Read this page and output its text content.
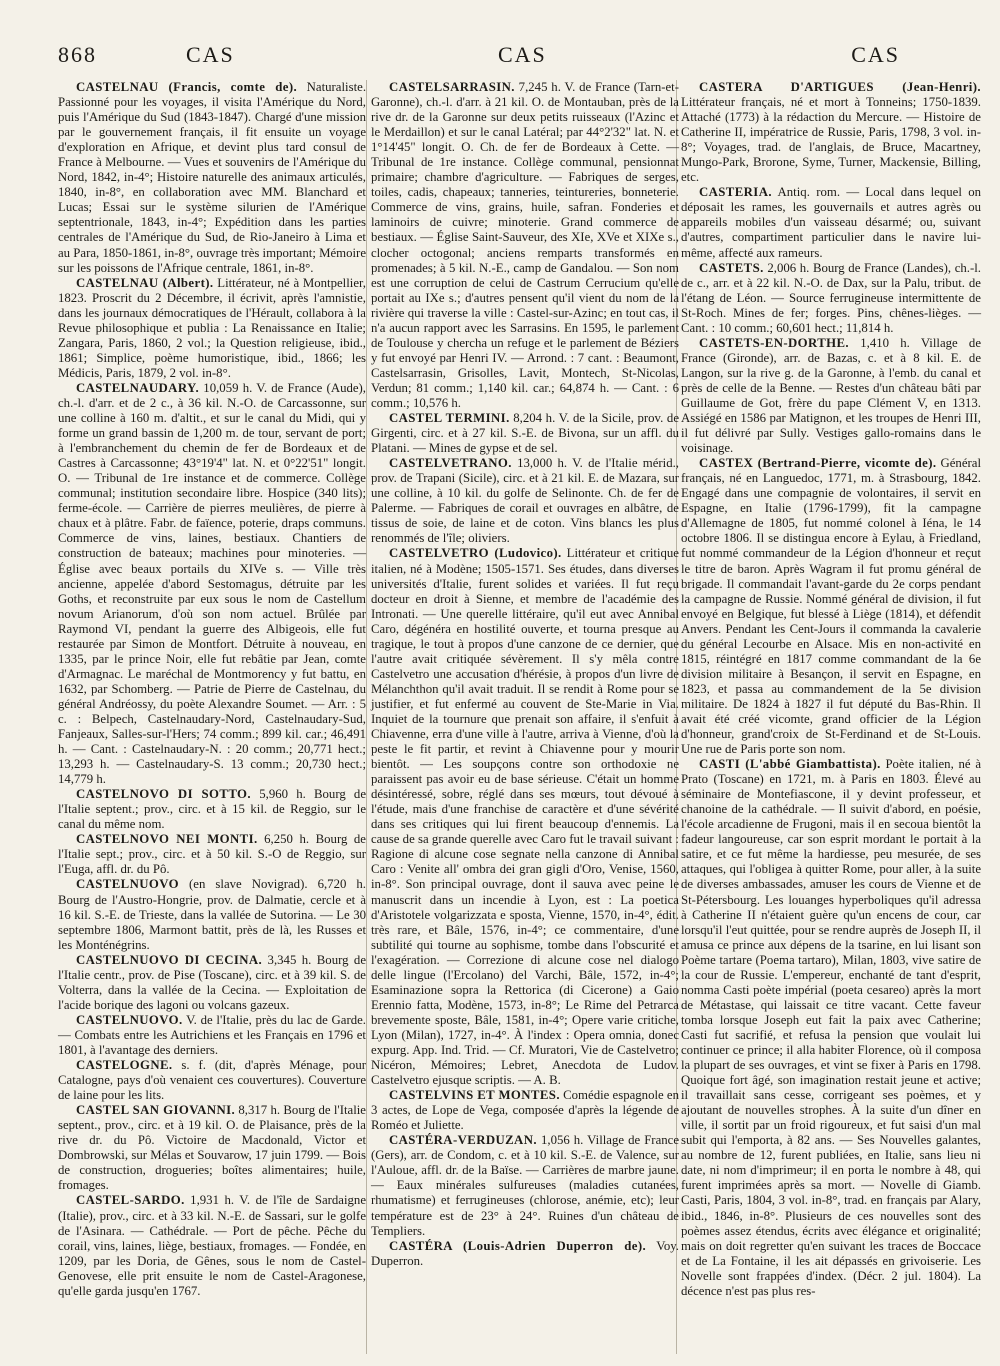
868	CAS	CAS	CAS

CASTELNAU (Francis, comte de). Naturaliste. Passionné pour les voyages, il visita l'Amérique du Nord, puis l'Amérique du Sud (1843-1847). Chargé d'une mission par le gouvernement français, il fit ensuite un voyage d'exploration en Afrique, et devint plus tard consul de France à Melbourne. — Vues et souvenirs de l'Amérique du Nord, 1842, in-4°; Histoire naturelle des animaux articulés, 1840, in-8°, en collaboration avec MM. Blanchard et Lucas; Essai sur le système silurien de l'Amérique septentrionale, 1843, in-4°; Expédition dans les parties centrales de l'Amérique du Sud, de Rio-Janeiro à Lima et au Para, 1850-1861, in-8°, ouvrage très important; Mémoire sur les poissons de l'Afrique centrale, 1861, in-8°.

CASTELNAU (Albert). Littérateur, né à Montpellier, 1823. Proscrit du 2 Décembre, il écrivit, après l'amnistie, dans les journaux démocratiques de l'Hérault, collabora à la Revue philosophique et publia : La Renaissance en Italie; Zangara, Paris, 1860, 2 vol.; la Question religieuse, ibid., 1861; Simplice, poème humoristique, ibid., 1866; les Médicis, Paris, 1879, 2 vol. in-8°.

CASTELNAUDARY. 10,059 h. V. de France (Aude), ch.-l. d'arr. et de 2 c., à 36 kil. N.-O. de Carcassonne, sur une colline à 160 m. d'altit., et sur le canal du Midi, qui y forme un grand bassin de 1,200 m. de tour, servant de port; à l'embranchement du chemin de fer de Bordeaux et de Castres à Carcassonne; 43°19'4" lat. N. et 0°22'51" longit. O. — Tribunal de 1re instance et de commerce. Collège communal; institution secondaire libre. Hospice (340 lits); ferme-école. — Carrière de pierres meulières, de pierre à chaux et à plâtre. Fabr. de faïence, poterie, draps communs. Commerce de vins, laines, bestiaux. Chantiers de construction de bateaux; machines pour minoteries. — Église avec beaux portails du XIVe s. — Ville très ancienne, appelée d'abord Sestomagus, détruite par les Goths, et reconstruite par eux sous le nom de Castellum novum Arianorum, d'où son nom actuel. Brûlée par Raymond VI, pendant la guerre des Albigeois, elle fut restaurée par Simon de Montfort. Détruite à nouveau, en 1335, par le prince Noir, elle fut rebâtie par Jean, comte d'Armagnac. Le maréchal de Montmorency y fut battu, en 1632, par Schomberg. — Patrie de Pierre de Castelnau, du général Andréossy, du poète Alexandre Soumet. — Arr. : 5 c. : Belpech, Castelnaudary-Nord, Castelnaudary-Sud, Fanjeaux, Salles-sur-l'Hers; 74 comm.; 899 kil. car.; 46,491 h. — Cant. : Castelnaudary-N. : 20 comm.; 20,771 hect.; 13,293 h. — Castelnaudary-S. 13 comm.; 20,730 hect.; 14,779 h.

CASTELNOVO DI SOTTO. 5,960 h. Bourg de l'Italie septent.; prov., circ. et à 15 kil. de Reggio, sur le canal du même nom.

CASTELNOVO NEI MONTI. 6,250 h. Bourg de l'Italie sept.; prov., circ. et à 50 kil. S.-O de Reggio, sur l'Euga, affl. dr. du Pô.

CASTELNUOVO (en slave Novigrad). 6,720 h. Bourg de l'Austro-Hongrie, prov. de Dalmatie, cercle et à 16 kil. S.-E. de Trieste, dans la vallée de Sutorina. — Le 30 septembre 1806, Marmont battit, près de là, les Russes et les Monténégrins.

CASTELNUOVO DI CECINA. 3,345 h. Bourg de l'Italie centr., prov. de Pise (Toscane), circ. et à 39 kil. S. de Volterra, dans la vallée de la Cecina. — Exploitation de l'acide borique des lagoni ou volcans gazeux.

CASTELNUOVO. V. de l'Italie, près du lac de Garde. — Combats entre les Autrichiens et les Français en 1796 et 1801, à l'avantage des derniers.

CASTELOGNE. s. f. (dit, d'après Ménage, pour Catalogne, pays d'où venaient ces couvertures). Couverture de laine pour les lits.

CASTEL SAN GIOVANNI. 8,317 h. Bourg de l'Italie septent., prov., circ. et à 19 kil. O. de Plaisance, près de la rive dr. du Pô. Victoire de Macdonald, Victor et Dombrowski, sur Mélas et Souvarow, 17 juin 1799. — Bois de construction, drogueries; boîtes alimentaires; huile, fromages.

CASTEL-SARDO. 1,931 h. V. de l'île de Sardaigne (Italie), prov., circ. et à 33 kil. N.-E. de Sassari, sur le golfe de l'Asinara. — Cathédrale. — Port de pêche. Pêche du corail, vins, laines, liège, bestiaux, fromages. — Fondée, en 1209, par les Doria, de Gênes, sous le nom de Castel-Genovese, elle prit ensuite le nom de Castel-Aragonese, qu'elle garda jusqu'en 1767.

CASTELSARRASIN. 7,245 h. V. de France (Tarn-et-Garonne), ch.-l. d'arr. à 21 kil. O. de Montauban, près de la rive dr. de la Garonne sur deux petits ruisseaux (l'Azinc et le Merdaillon) et sur le canal Latéral; par 44°2'32" lat. N. et 1°14'45" longit. O. Ch. de fer de Bordeaux à Cette. — Tribunal de 1re instance. Collège communal, pensionnat primaire; chambre d'agriculture. — Fabriques de serges, toiles, cadis, chapeaux; tanneries, teintureries, bonneterie. Commerce de vins, grains, huile, safran. Fonderies et laminoirs de cuivre; minoterie. Grand commerce de bestiaux. — Église Saint-Sauveur, des XIe, XVe et XIXe s., clocher octogonal; anciens remparts transformés en promenades; à 5 kil. N.-E., camp de Gandalou. — Son nom est une corruption de celui de Castrum Cerrucium qu'elle portait au IXe s.; d'autres pensent qu'il vient du nom de la rivière qui traverse la ville : Castel-sur-Azinc; en tout cas, il n'a aucun rapport avec les Sarrasins. En 1595, le parlement de Toulouse y chercha un refuge et le parlement de Béziers y fut envoyé par Henri IV. — Arrond. : 7 cant. : Beaumont, Castelsarrasin, Grisolles, Lavit, Montech, St-Nicolas, Verdun; 81 comm.; 1,140 kil. car.; 64,874 h. — Cant. : 6 comm.; 10,576 h.

CASTEL TERMINI. 8,204 h. V. de la Sicile, prov. de Girgenti, circ. et à 27 kil. S.-E. de Bivona, sur un affl. du Platani. — Mines de gypse et de sel.

CASTELVETRANO. 13,000 h. V. de l'Italie mérid., prov. de Trapani (Sicile), circ. et à 21 kil. E. de Mazara, sur une colline, à 10 kil. du golfe de Selinonte. Ch. de fer de Palerme. — Fabriques de corail et ouvrages en albâtre, de tissus de soie, de laine et de coton. Vins blancs les plus renommés de l'île; oliviers.

CASTELVETRO (Ludovico). Littérateur et critique italien, né à Modène; 1505-1571. Ses études, dans diverses universités d'Italie, furent solides et variées. Il fut reçu docteur en droit à Sienne, et membre de l'académie des Intronati. — Une querelle littéraire, qu'il eut avec Annibal Caro, dégénéra en hostilité ouverte, et tourna presque au tragique, le tout à propos d'une canzone de ce dernier, que l'autre avait critiquée sévèrement. Il s'y mêla contre Castelvetro une accusation d'hérésie, à propos d'un livre de Mélanchthon qu'il avait traduit. Il se rendit à Rome pour se justifier, et fut enfermé au couvent de Ste-Marie in Via. Inquiet de la tournure que prenait son affaire, il s'enfuit à Chiavenne, erra d'une ville à l'autre, arriva à Vienne, d'où la peste le fit partir, et revint à Chiavenne pour y mourir bientôt. — Les soupçons contre son orthodoxie ne paraissent pas avoir eu de base sérieuse. C'était un homme désintéressé, sobre, réglé dans ses mœurs, tout dévoué à l'étude, mais d'une franchise de caractère et d'une sévérité dans ses critiques qui lui firent beaucoup d'ennemis. La cause de sa grande querelle avec Caro fut le travail suivant : Ragione di alcune cose segnate nella canzone di Annibal Caro : Venite all' ombra dei gran gigli d'Oro, Venise, 1560, in-8°. Son principal ouvrage, dont il sauva avec peine le manuscrit dans un incendie à Lyon, est : La poetica d'Aristotele volgarizzata e sposta, Vienne, 1570, in-4°, édit. très rare, et Bâle, 1576, in-4°; ce commentaire, d'une subtilité qui tourne au sophisme, tombe dans l'obscurité et l'exagération. — Correzione di alcune cose nel dialogo delle lingue (l'Ercolano) del Varchi, Bâle, 1572, in-4°; Esaminazione sopra la Rettorica (di Cicerone) a Gaio Erennio fatta, Modène, 1573, in-8°; Le Rime del Petrarca brevemente sposte, Bâle, 1581, in-4°; Opere varie critiche, Lyon (Milan), 1727, in-4°. À l'index : Opera omnia, donec expurg. App. Ind. Trid. — Cf. Muratori, Vie de Castelvetro; Nicéron, Mémoires; Lebret, Anecdota de Ludov. Castelvetro ejusque scriptis. — A. B.

CASTELVINS ET MONTES. Comédie espagnole en 3 actes, de Lope de Vega, composée d'après la légende de Roméo et Juliette.

CASTÉRA-VERDUZAN. 1,056 h. Village de France (Gers), arr. de Condom, c. et à 10 kil. S.-E. de Valence, sur l'Auloue, affl. dr. de la Baïse. — Carrières de marbre jaune. — Eaux minérales sulfureuses (maladies cutanées, rhumatisme) et ferrugineuses (chlorose, anémie, etc); leur température est de 23° à 24°. Ruines d'un château de Templiers.

CASTÉRA (Louis-Adrien Duperron de). Voy. Duperron.

CASTERA D'ARTIGUES (Jean-Henri). Littérateur français, né et mort à Tonneins; 1750-1839. Attaché (1773) à la rédaction du Mercure. — Histoire de Catherine II, impératrice de Russie, Paris, 1798, 3 vol. in-8°; Voyages, trad. de l'anglais, de Bruce, Macartney, Mungo-Park, Brorone, Syme, Turner, Mackensie, Billing, etc.

CASTERIA. Antiq. rom. — Local dans lequel on déposait les rames, les gouvernails et autres agrès ou appareils mobiles d'un vaisseau désarmé; ou, suivant d'autres, compartiment particulier dans le navire lui-même, affecté aux rameurs.

CASTETS. 2,006 h. Bourg de France (Landes), ch.-l. de c., arr. et à 22 kil. N.-O. de Dax, sur la Palu, tribut. de l'étang de Léon. — Source ferrugineuse intermittente de St-Roch. Mines de fer; forges. Pins, chênes-lièges. — Cant. : 10 comm.; 60,601 hect.; 11,814 h.

CASTETS-EN-DORTHE. 1,410 h. Village de France (Gironde), arr. de Bazas, c. et à 8 kil. E. de Langon, sur la rive g. de la Garonne, à l'emb. du canal et près de celle de la Benne. — Restes d'un château bâti par Guillaume de Got, frère du pape Clément V, en 1313. Assiégé en 1586 par Matignon, et les troupes de Henri III, il fut délivré par Sully. Vestiges gallo-romains dans le voisinage.

CASTEX (Bertrand-Pierre, vicomte de). Général français, né en Languedoc, 1771, m. à Strasbourg, 1842. Engagé dans une compagnie de volontaires, il servit en Espagne, en Italie (1796-1799), fit la campagne d'Allemagne de 1805, fut nommé colonel à Iéna, le 14 octobre 1806. Il se distingua encore à Eylau, à Friedland, fut nommé commandeur de la Légion d'honneur et reçut le titre de baron. Après Wagram il fut promu général de brigade. Il commandait l'avant-garde du 2e corps pendant la campagne de Russie. Nommé général de division, il fut envoyé en Belgique, fut blessé à Liège (1814), et défendit Anvers. Pendant les Cent-Jours il commanda la cavalerie du général Lecourbe en Alsace. Mis en non-activité en 1815, réintégré en 1817 comme commandant de la 6e division militaire à Besançon, il servit en Espagne, en 1823, et passa au commandement de la 5e division militaire. De 1824 à 1827 il fut député du Bas-Rhin. Il avait été créé vicomte, grand officier de la Légion d'honneur, grand'croix de St-Ferdinand et de St-Louis. Une rue de Paris porte son nom.

CASTI (L'abbé Giambattista). Poète italien, né à Prato (Toscane) en 1721, m. à Paris en 1803. Élevé au séminaire de Montefiascone, il y devint professeur, et chanoine de la cathédrale. — Il suivit d'abord, en poésie, l'école arcadienne de Frugoni, mais il en secoua bientôt la fadeur langoureuse, car son esprit mordant le portait à la satire, et ce fut même la hardiesse, peu mesurée, de ses attaques, qui l'obligea à quitter Rome, pour aller, à la suite de diverses ambassades, amuser les cours de Vienne et de St-Pétersbourg. Les louanges hyperboliques qu'il adressa à Catherine II n'étaient guère qu'un encens de cour, car lorsqu'il l'eut quittée, pour se rendre auprès de Joseph II, il amusa ce prince aux dépens de la tsarine, en lui lisant son Poème tartare (Poema tartaro), Milan, 1803, vive satire de la cour de Russie. L'empereur, enchanté de tant d'esprit, nomma Casti poète impérial (poeta cesareo) après la mort de Métastase, qui laissait ce titre vacant. Cette faveur tomba lorsque Joseph eut fait la paix avec Catherine; Casti fut sacrifié, et refusa la pension que voulait lui continuer ce prince; il alla habiter Florence, où il composa la plupart de ses ouvrages, et vint se fixer à Paris en 1798. Quoique fort âgé, son imagination restait jeune et active; il travaillait sans cesse, corrigeant ses poèmes, et y ajoutant de nouvelles strophes. À la suite d'un dîner en ville, il sortit par un froid rigoureux, et fut saisi d'un mal subit qui l'emporta, à 82 ans. — Ses Nouvelles galantes, au nombre de 12, furent publiées, en Italie, sans lieu ni date, ni nom d'imprimeur; il en porta le nombre à 48, qui furent imprimées après sa mort. — Novelle di Giamb. Casti, Paris, 1804, 3 vol. in-8°, trad. en français par Alary, ibid., 1846, in-8°. Plusieurs de ces nouvelles sont des poèmes assez étendus, écrits avec élégance et originalité; mais on doit regretter qu'en suivant les traces de Boccace et de La Fontaine, il les ait dépassés en grivoiserie. Les Novelle sont frappées d'index. (Décr. 2 jul. 1804). La décence n'est pas plus res-
